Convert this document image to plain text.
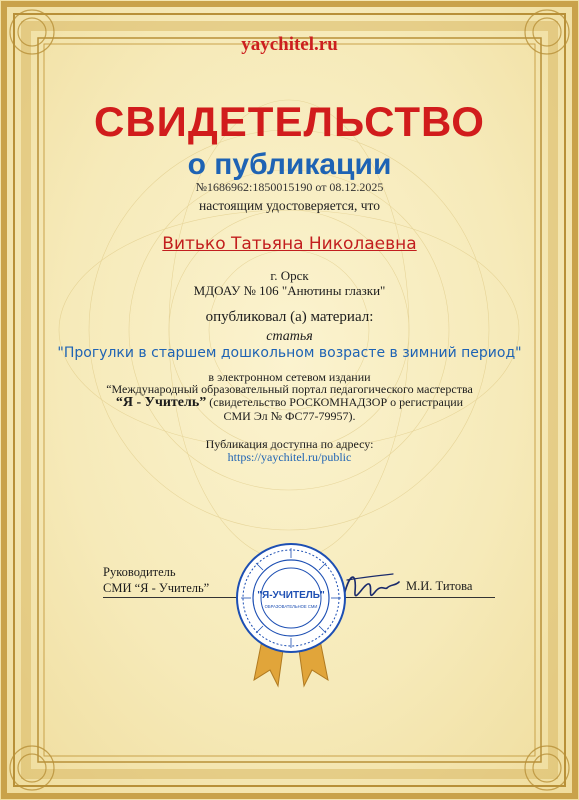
yaychitel.ru
СВИДЕТЕЛЬСТВО
о публикации
№1686962:1850015190 от 08.12.2025
настоящим удостоверяется, что
Витько Татьяна Николаевна
г. Орск
МДОАУ № 106 "Анютины глазки"
опубликовал (а) материал:
статья
"Прогулки в старшем дошкольном возрасте в зимний период"
в электронном сетевом издании
“Международный образовательный портал педагогического мастерства
“Я - Учитель” (свидетельство РОСКОМНАДЗОР о регистрации
СМИ Эл № ФС77-79957).
Публикация доступна по адресу:
https://yaychitel.ru/public
Руководитель
СМИ “Я - Учитель”	М.И. Титова
"Я-УЧИТЕЛЬ"
ОБРАЗОВАТЕЛЬНОЕ СМИ
